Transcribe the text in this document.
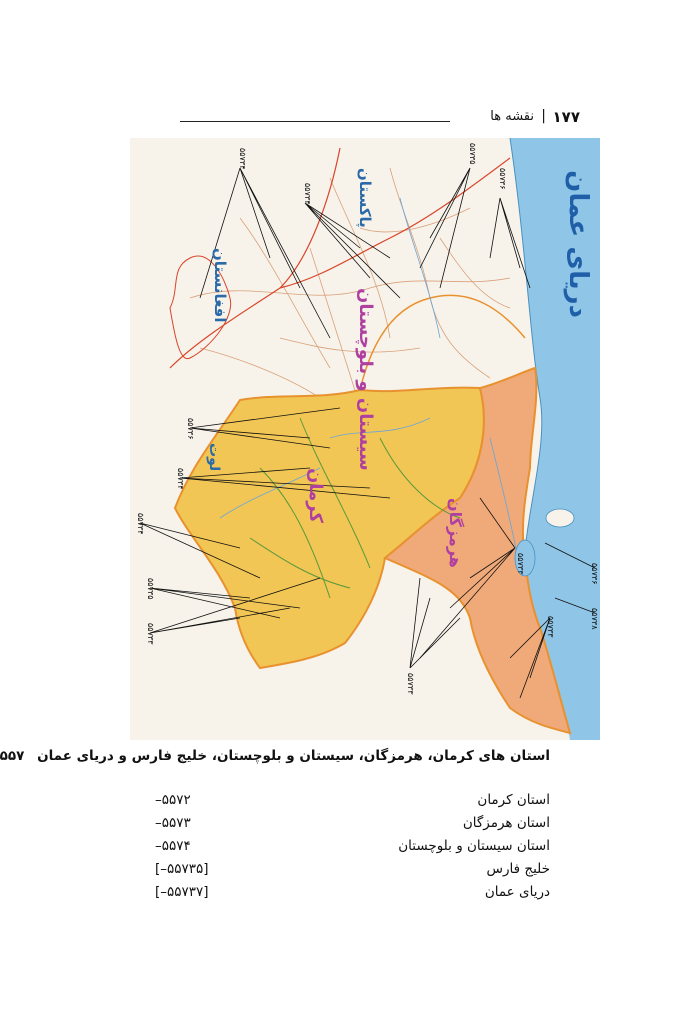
۱۷۷
|
نقشه ها
دریای عمان
پاکستان
افغانستان
سیستان و بلوچستان
کرمان
هرمزگان
لوت
۵۵۷۳۴
۵۵۷۳۴
۵۵۷۳۵
۵۵۷۳۶
۵۵۷۳۶
۵۵۷۳۴
۵۵۷۳۴
۵۵۷۳۵
۵۵۷۳۳
۵۵۷۳۳
۵۵۷۳۳	۵۵۷۳۶
۵۵۷۳۸
۵۵۷۳۳
استان های کرمان، هرمزگان، سیستان و بلوچستان، خلیج فارس و دریای عمان ۵۵۷
استان کرمان
–۵۵۷۲
استان هرمزگان
–۵۵۷۳
استان سیستان و بلوچستان
–۵۵۷۴
خلیج فارس
[–۵۵۷۳۵]
دریای عمان
[–۵۵۷۳۷]
